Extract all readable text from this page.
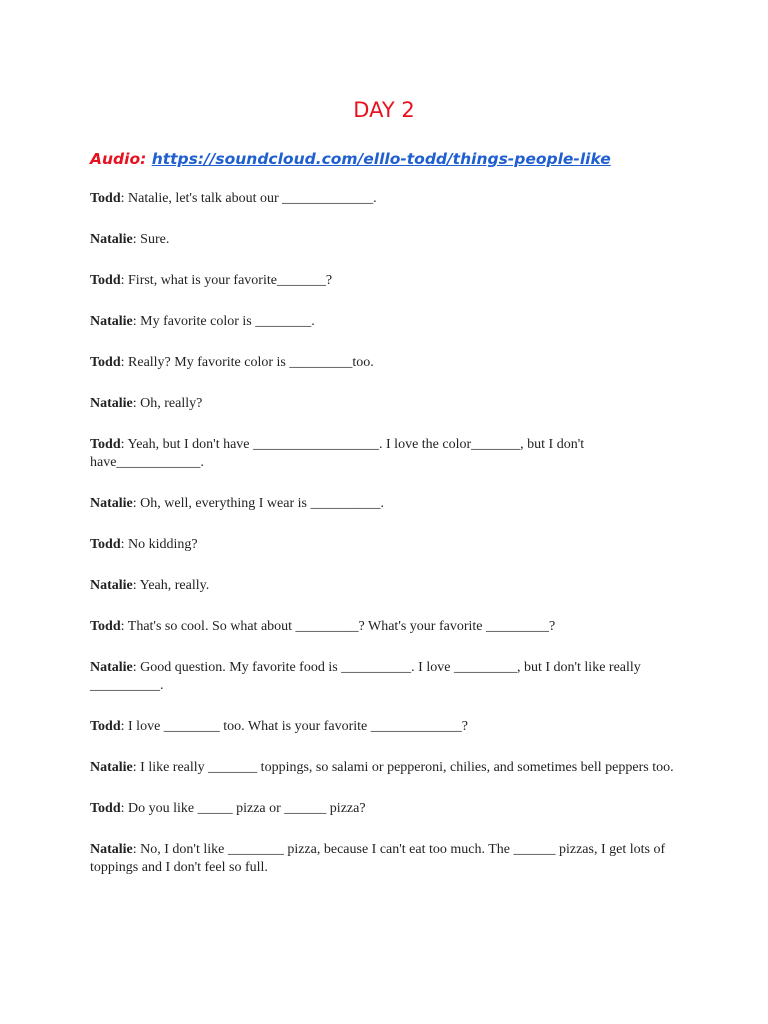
DAY 2
Audio: https://soundcloud.com/elllo-todd/things-people-like

Todd: Natalie, let's talk about our _____________.

Natalie: Sure.

Todd: First, what is your favorite_______?

Natalie: My favorite color is ________.

Todd: Really? My favorite color is _________too.

Natalie: Oh, really?

Todd: Yeah, but I don't have __________________. I love the color_______, but I don't have____________.

Natalie: Oh, well, everything I wear is __________.

Todd: No kidding?

Natalie: Yeah, really.

Todd: That's so cool. So what about _________? What's your favorite _________?

Natalie: Good question. My favorite food is __________. I love _________, but I don't like really __________.

Todd: I love ________ too. What is your favorite _____________?

Natalie: I like really _______ toppings, so salami or pepperoni, chilies, and sometimes bell peppers too.

Todd: Do you like _____ pizza or ______ pizza?

Natalie: No, I don't like ________ pizza, because I can't eat too much. The ______ pizzas, I get lots of toppings and I don't feel so full.
